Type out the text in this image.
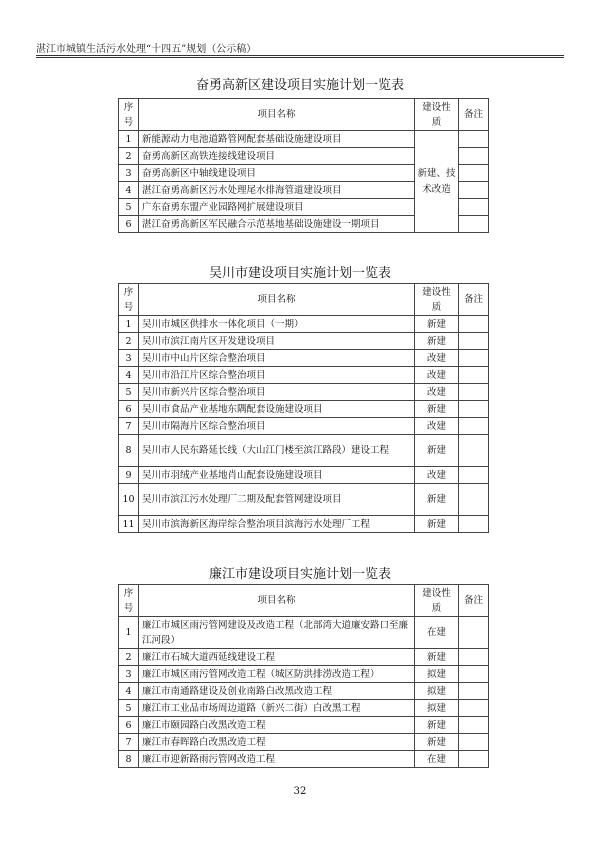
湛江市城镇生活污水处理“十四五”规划（公示稿）
奋勇高新区建设项目实施计划一览表
序号	项目名称	建设性质	备注
1	新能源动力电池道路管网配套基础设施建设项目	新建、技术改造	
2	奋勇高新区高铁连接线建设项目		
3	奋勇高新区中轴线建设项目		
4	湛江奋勇高新区污水处理尾水排海管道建设项目		
5	广东奋勇东盟产业园路网扩展建设项目		
6	湛江奋勇高新区军民融合示范基地基础设施建设一期项目		
吴川市建设项目实施计划一览表
序号	项目名称	建设性质	备注
1	吴川市城区供排水一体化项目（一期）	新建	
2	吴川市滨江南片区开发建设项目	新建	
3	吴川市中山片区综合整治项目	改建	
4	吴川市沿江片区综合整治项目	改建	
5	吴川市新兴片区综合整治项目	改建	
6	吴川市食品产业基地东隅配套设施建设项目	新建	
7	吴川市隔海片区综合整治项目	改建	
8	吴川市人民东路延长线（大山江门楼至滨江路段）建设工程	新建	
9	吴川市羽绒产业基地肖山配套设施建设项目	改建	
10	吴川市滨江污水处理厂二期及配套管网建设项目	新建	
11	吴川市滨海新区海岸综合整治项目滨海污水处理厂工程	新建	
廉江市建设项目实施计划一览表
序号	项目名称	建设性质	备注
1	廉江市城区雨污管网建设及改造工程（北部湾大道廉安路口至廉江河段）	在建	
2	廉江市石城大道西延线建设工程	新建	
3	廉江市城区雨污管网改造工程（城区防洪排涝改造工程）	拟建	
4	廉江市南通路建设及创业南路白改黑改造工程	拟建	
5	廉江市工业品市场周边道路（新兴二街）白改黑工程	拟建	
6	廉江市颐园路白改黑改造工程	新建	
7	廉江市春晖路白改黑改造工程	新建	
8	廉江市迎新路雨污管网改造工程	在建	
32
